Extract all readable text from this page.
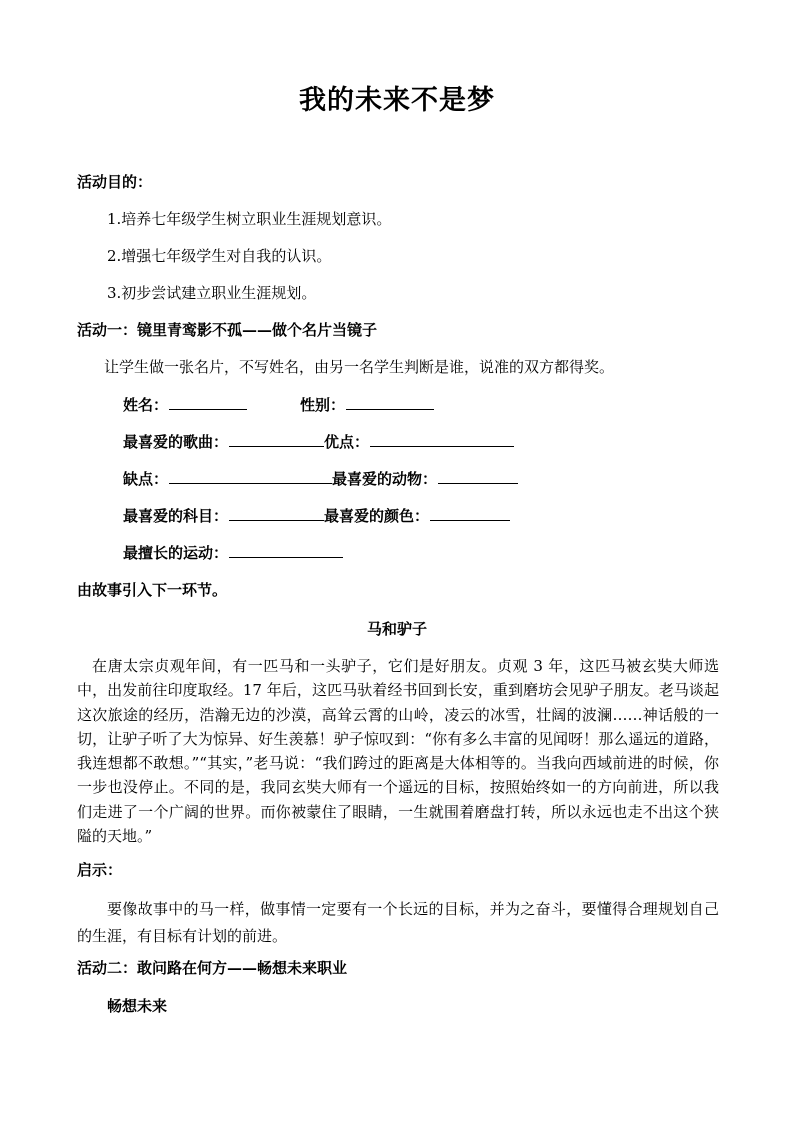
我的未来不是梦
活动目的：
1.培养七年级学生树立职业生涯规划意识。
2.增强七年级学生对自我的认识。
3.初步尝试建立职业生涯规划。
活动一：镜里青鸾影不孤——做个名片当镜子
让学生做一张名片，不写姓名，由另一名学生判断是谁，说准的双方都得奖。
姓名：	性别：
最喜爱的歌曲：	优点：
缺点：	最喜爱的动物：
最喜爱的科目：	最喜爱的颜色：
最擅长的运动：
由故事引入下一环节。
马和驴子
在唐太宗贞观年间，有一匹马和一头驴子，它们是好朋友。贞观 3 年，这匹马被玄奘大师选中，出发前往印度取经。17 年后，这匹马驮着经书回到长安，重到磨坊会见驴子朋友。老马谈起这次旅途的经历，浩瀚无边的沙漠，高耸云霄的山岭，凌云的冰雪，壮阔的波澜……神话般的一切，让驴子听了大为惊异、好生羡慕！驴子惊叹到：“你有多么丰富的见闻呀！那么遥远的道路，我连想都不敢想。”“其实，”老马说：“我们跨过的距离是大体相等的。当我向西域前进的时候，你一步也没停止。不同的是，我同玄奘大师有一个遥远的目标，按照始终如一的方向前进，所以我们走进了一个广阔的世界。而你被蒙住了眼睛，一生就围着磨盘打转，所以永远也走不出这个狭隘的天地。”
启示：
要像故事中的马一样，做事情一定要有一个长远的目标，并为之奋斗，要懂得合理规划自己的生涯，有目标有计划的前进。
活动二：敢问路在何方——畅想未来职业
畅想未来
